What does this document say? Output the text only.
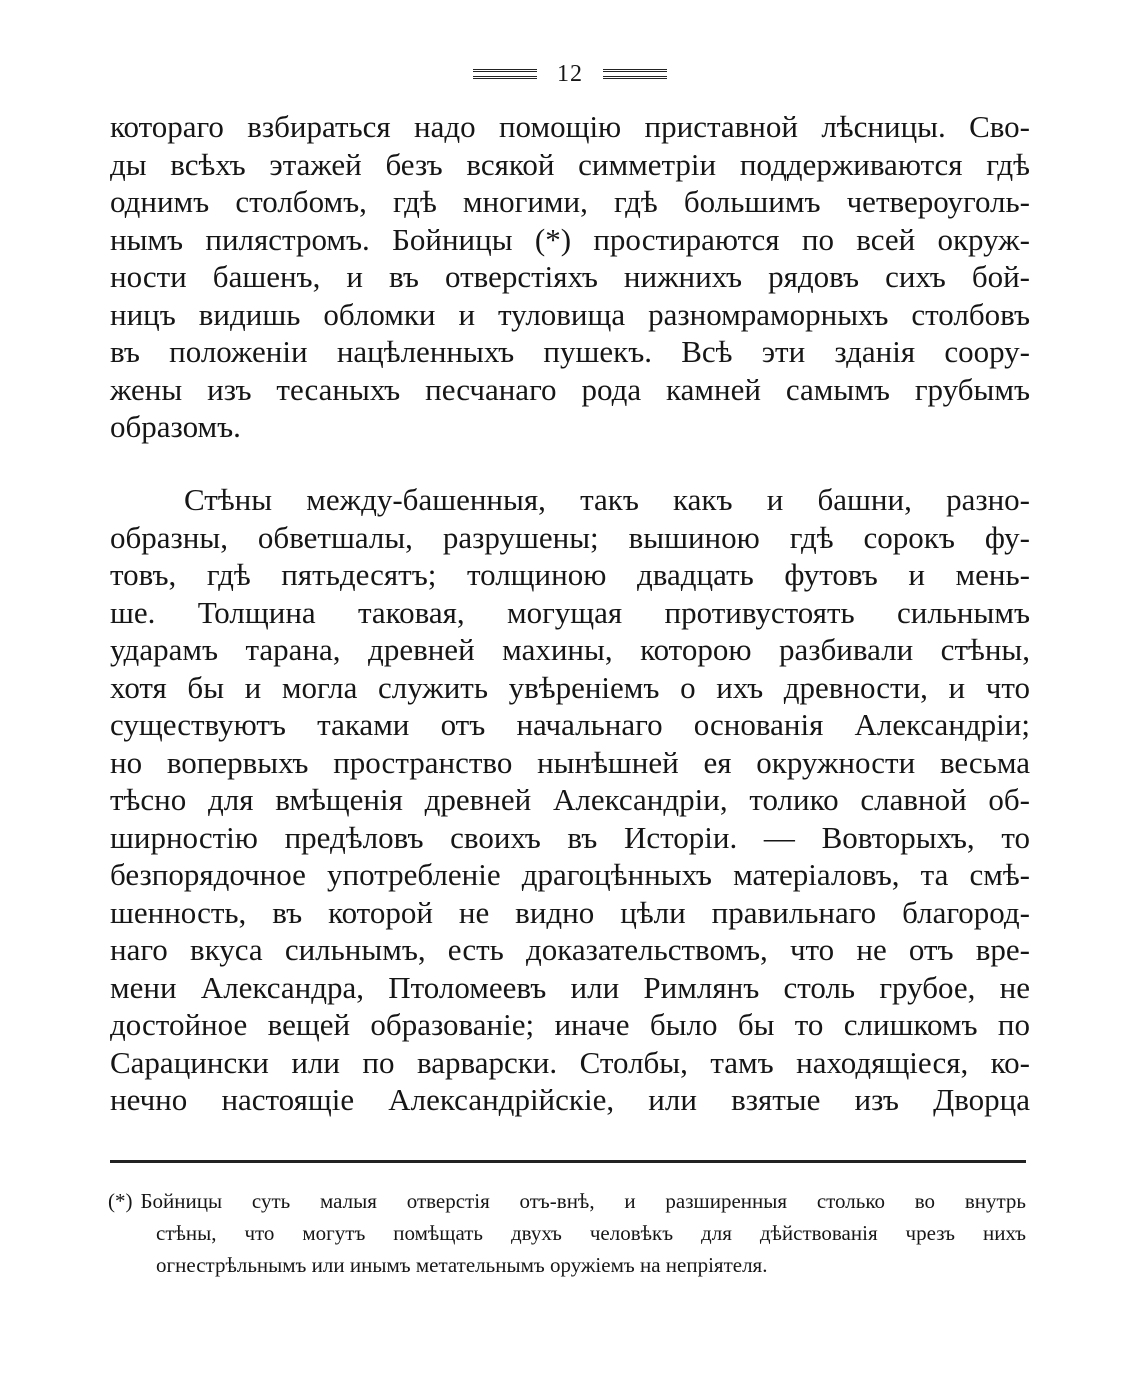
12
котораго взбираться надо помощію приставной лѣсницы. Сво-
ды всѣхъ этажей безъ всякой симметріи поддерживаются гдѣ
однимъ столбомъ, гдѣ многими, гдѣ большимъ четвероуголь-
нымъ пилястромъ. Бойницы (*) простираются по всей окруж-
ности башенъ, и въ отверстіяхъ нижнихъ рядовъ сихъ бой-
ницъ видишь обломки и туловища разномраморныхъ столбовъ
въ положеніи нацѣленныхъ пушекъ. Всѣ эти зданія соору-
жены изъ тесаныхъ песчанаго рода камней самымъ грубымъ
образомъ.
Стѣны между-башенныя, такъ какъ и башни, разно-
образны, обветшалы, разрушены; вышиною гдѣ сорокъ фу-
товъ, гдѣ пятьдесятъ; толщиною двадцать футовъ и мень-
ше. Толщина таковая, могущая противустоять сильнымъ
ударамъ тарана, древней махины, которою разбивали стѣны,
хотя бы и могла служить увѣреніемъ о ихъ древности, и что
существуютъ таками отъ начальнаго основанія Александріи;
но вопервыхъ пространство нынѣшней ея окружности весьма
тѣсно для вмѣщенія древней Александріи, толико славной об-
ширностію предѣловъ своихъ въ Исторіи. — Вовторыхъ, то
безпорядочное употребленіе драгоцѣнныхъ матеріаловъ, та смѣ-
шенность, въ которой не видно цѣли правильнаго благород-
наго вкуса сильнымъ, есть доказательствомъ, что не отъ вре-
мени Александра, Птоломеевъ или Римлянъ столь грубое, не
достойное вещей образованіе; иначе было бы то слишкомъ по
Сарацински или по варварски. Столбы, тамъ находящіеся, ко-
нечно настоящіе Александрійскіе, или взятые изъ Дворца
(*) Бойницы суть малыя отверстія отъ-внѣ, и разширенныя столько во внутрь
стѣны, что могутъ помѣщать двухъ человѣкъ для дѣйствованія чрезъ нихъ
огнестрѣльнымъ или инымъ метательнымъ оружіемъ на непріятеля.
